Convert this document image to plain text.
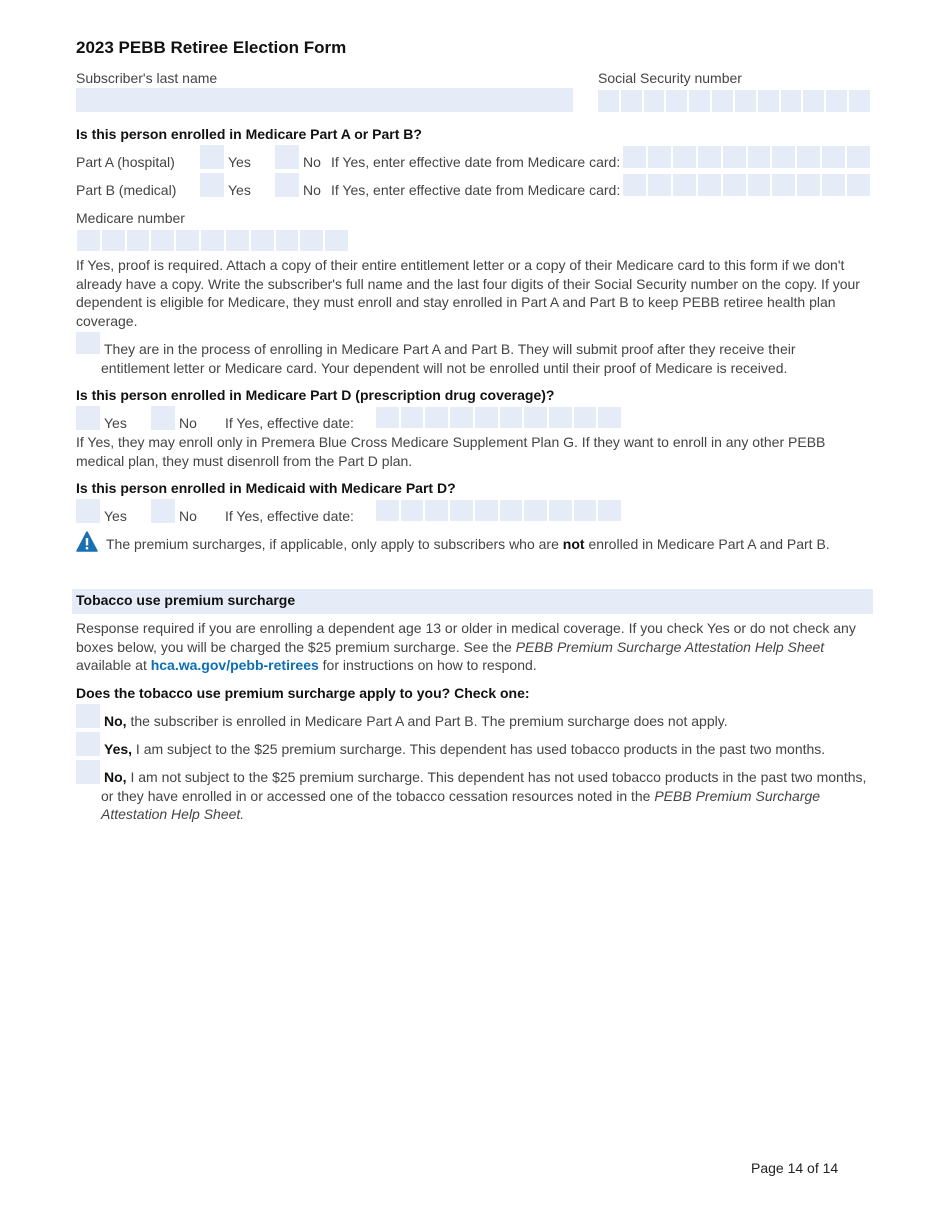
2023 PEBB Retiree Election Form
Subscriber's last name	Social Security number
Is this person enrolled in Medicare Part A or Part B?
Part A (hospital)	Yes	No If Yes, enter effective date from Medicare card:
Part B (medical)	Yes	No If Yes, enter effective date from Medicare card:
Medicare number
If Yes, proof is required. Attach a copy of their entire entitlement letter or a copy of their Medicare card to this form if we don't already have a copy. Write the subscriber's full name and the last four digits of their Social Security number on the copy. If your dependent is eligible for Medicare, they must enroll and stay enrolled in Part A and Part B to keep PEBB retiree health plan coverage.
They are in the process of enrolling in Medicare Part A and Part B. They will submit proof after they receive their entitlement letter or Medicare card. Your dependent will not be enrolled until their proof of Medicare is received.
Is this person enrolled in Medicare Part D (prescription drug coverage)?
Yes	No If Yes, effective date:
If Yes, they may enroll only in Premera Blue Cross Medicare Supplement Plan G. If they want to enroll in any other PEBB medical plan, they must disenroll from the Part D plan.
Is this person enrolled in Medicaid with Medicare Part D?
Yes	No If Yes, effective date:
The premium surcharges, if applicable, only apply to subscribers who are not enrolled in Medicare Part A and Part B.
Tobacco use premium surcharge
Response required if you are enrolling a dependent age 13 or older in medical coverage. If you check Yes or do not check any boxes below, you will be charged the $25 premium surcharge. See the PEBB Premium Surcharge Attestation Help Sheet available at hca.wa.gov/pebb-retirees for instructions on how to respond.
Does the tobacco use premium surcharge apply to you? Check one:
No, the subscriber is enrolled in Medicare Part A and Part B. The premium surcharge does not apply.
Yes, I am subject to the $25 premium surcharge. This dependent has used tobacco products in the past two months.
No, I am not subject to the $25 premium surcharge. This dependent has not used tobacco products in the past two months, or they have enrolled in or accessed one of the tobacco cessation resources noted in the PEBB Premium Surcharge Attestation Help Sheet.
Page 14 of 14
